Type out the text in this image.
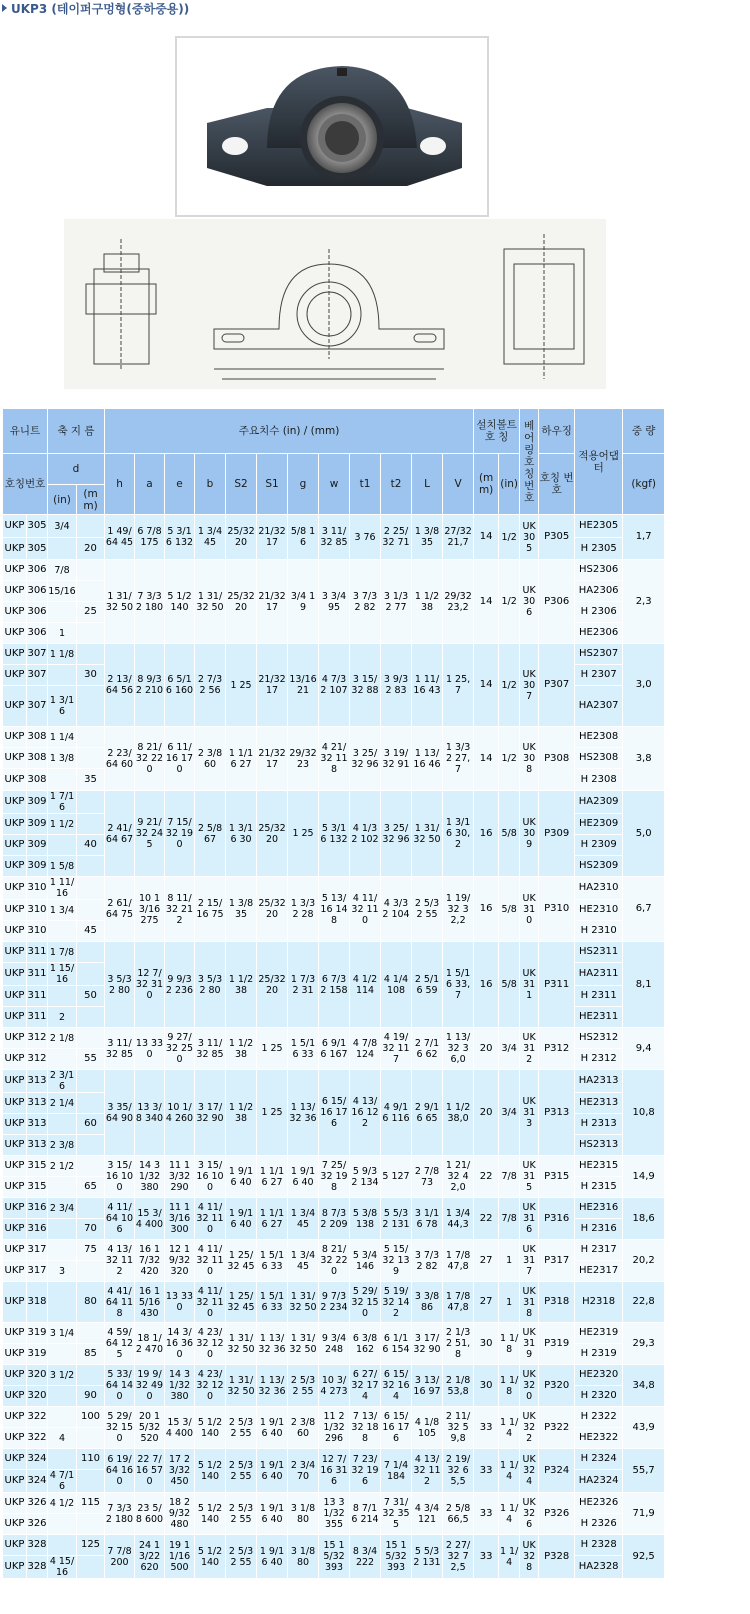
UKP3 (테이퍼구멍형(중하중용))
유니트		축 지 름		주요치수 (in) / (mm)												설치볼트 호 칭		베어링 호칭 번호	하우징	적용어댑터	중 량
호칭번호		d		h	a	e	b	S2	S1	g	w	t1	t2	L	V	(mm)	(in)		호칭 번호		(kgf)
		(in)	(mm)																		
UKP	305	3/4		1 49/64 45	6 7/8 175	5 3/16 132	1 3/4 45	25/32 20	21/32 17	5/8 16	3 11/32 85	3 76	2 25/32 71	1 3/8 35	27/32 21,7	14	1/2	UK 305	P305	HE2305	1,7
UKP	305		20																	H 2305	
UKP	306	7/8		1 31/32 50	7 3/32 180	5 1/2 140	1 31/32 50	25/32 20	21/32 17	3/4 19	3 3/4 95	3 7/32 82	3 1/32 77	1 1/2 38	29/32 23,2	14	1/2	UK 306	P306	HS2306	2,3
UKP	306	15/16																		HA2306	
UKP	306		25																	H 2306	
UKP	306	1																		HE2306	
UKP	307	1 1/8		2 13/64 56	8 9/32 210	6 5/16 160	2 7/32 56	1 25	21/32 17	13/16 21	4 7/32 107	3 15/32 88	3 9/32 83	1 11/16 43	1 25,7	14	1/2	UK 307	P307	HS2307	3,0
UKP	307		30																	H 2307	
UKP	307	1 3/16																		HA2307	
UKP	308	1 1/4		2 23/64 60	8 21/32 220	6 11/16 170	2 3/8 60	1 1/16 27	21/32 17	29/32 23	4 21/32 118	3 25/32 96	3 19/32 91	1 13/16 46	1 3/32 27,7	14	1/2	UK 308	P308	HE2308	3,8
UKP	308	1 3/8																		HS2308	
UKP	308		35																	H 2308	
UKP	309	1 7/16		2 41/64 67	9 21/32 245	7 15/32 190	2 5/8 67	1 3/16 30	25/32 20	1 25	5 3/16 132	4 1/32 102	3 25/32 96	1 31/32 50	1 3/16 30,2	16	5/8	UK 309	P309	HA2309	5,0
UKP	309	1 1/2																		HE2309	
UKP	309		40																	H 2309	
UKP	309	1 5/8																		HS2309	
UKP	310	1 11/16		2 61/64 75	10 13/16 275	8 11/32 212	2 15/16 75	1 3/8 35	25/32 20	1 3/32 28	5 13/16 148	4 11/32 110	4 3/32 104	2 5/32 55	1 19/32 32,2	16	5/8	UK 310	P310	HA2310	6,7
UKP	310	1 3/4																		HE2310	
UKP	310		45																	H 2310	
UKP	311	1 7/8		3 5/32 80	12 7/32 310	9 9/32 236	3 5/32 80	1 1/2 38	25/32 20	1 7/32 31	6 7/32 158	4 1/2 114	4 1/4 108	2 5/16 59	1 5/16 33,7	16	5/8	UK 311	P311	HS2311	8,1
UKP	311	1 15/16																		HA2311	
UKP	311		50																	H 2311	
UKP	311	2																		HE2311	
UKP	312	2 1/8		3 11/32 85	13 330	9 27/32 250	3 11/32 85	1 1/2 38	1 25	1 5/16 33	6 9/16 167	4 7/8 124	4 19/32 117	2 7/16 62	1 13/32 36,0	20	3/4	UK 312	P312	HS2312	9,4
UKP	312		55																	H 2312	
UKP	313	2 3/16		3 35/64 90	13 3/8 340	10 1/4 260	3 17/32 90	1 1/2 38	1 25	1 13/32 36	6 15/16 176	4 13/16 122	4 9/16 116	2 9/16 65	1 1/2 38,0	20	3/4	UK 313	P313	HA2313	10,8
UKP	313	2 1/4																		HE2313	
UKP	313		60																	H 2313	
UKP	313	2 3/8																		HS2313	
UKP	315	2 1/2		3 15/16 100	14 31/32 380	11 13/32 290	3 15/16 100	1 9/16 40	1 1/16 27	1 9/16 40	7 25/32 198	5 9/32 134	5 127	2 7/8 73	1 21/32 42,0	22	7/8	UK 315	P315	HE2315	14,9
UKP	315		65																	H 2315	
UKP	316	2 3/4		4 11/64 106	15 3/4 400	11 13/16 300	4 11/32 110	1 9/16 40	1 1/16 27	1 3/4 45	8 7/32 209	5 3/8 138	5 5/32 131	3 1/16 78	1 3/4 44,3	22	7/8	UK 316	P316	HE2316	18,6
UKP	316		70																	H 2316	
UKP	317		75	4 13/32 112	16 17/32 420	12 19/32 320	4 11/32 110	1 25/32 45	1 5/16 33	1 3/4 45	8 21/32 220	5 3/4 146	5 15/32 139	3 7/32 82	1 7/8 47,8	27	1	UK 317	P317	H 2317	20,2
UKP	317	3																		HE2317	
UKP	318		80	4 41/64 118	16 15/16 430	13 330	4 11/32 110	1 25/32 45	1 5/16 33	1 31/32 50	9 7/32 234	5 29/32 150	5 19/32 142	3 3/8 86	1 7/8 47,8	27	1	UK 318	P318	H2318	22,8
UKP	319	3 1/4		4 59/64 125	18 1/2 470	14 3/16 360	4 23/32 120	1 31/32 50	1 13/32 36	1 31/32 50	9 3/4 248	6 3/8 162	6 1/16 154	3 17/32 90	2 1/32 51,8	30	1 1/8	UK 319	P319	HE2319	29,3
UKP	319		85																	H 2319	
UKP	320	3 1/2		5 33/64 140	19 9/32 490	14 31/32 380	4 23/32 120	1 31/32 50	1 13/32 36	2 5/32 55	10 3/4 273	6 27/32 174	6 15/32 164	3 13/16 97	2 1/8 53,8	30	1 1/8	UK 320	P320	HE2320	34,8
UKP	320		90																	H 2320	
UKP	322		100	5 29/32 150	20 15/32 520	15 3/4 400	5 1/2 140	2 5/32 55	1 9/16 40	2 3/8 60	11 21/32 296	7 13/32 188	6 15/16 176	4 1/8 105	2 11/32 59,8	33	1 1/4	UK 322	P322	H 2322	43,9
UKP	322	4																		HE2322	
UKP	324		110	6 19/64 160	22 7/16 570	17 23/32 450	5 1/2 140	2 5/32 55	1 9/16 40	2 3/4 70	12 7/16 316	7 23/32 196	7 1/4 184	4 13/32 112	2 19/32 65,5	33	1 1/4	UK 324	P324	H 2324	55,7
UKP	324	4 7/16																		HA2324	
UKP	326	4 1/2	115	7 3/32 180	23 5/8 600	18 29/32 480	5 1/2 140	2 5/32 55	1 9/16 40	3 1/8 80	13 31/32 355	8 7/16 214	7 31/32 355	4 3/4 121	2 5/8 66,5	33	1 1/4	UK 326	P326	HE2326	71,9
UKP	326																			H 2326	
UKP	328		125	7 7/8 200	24 13/22 620	19 11/16 500	5 1/2 140	2 5/32 55	1 9/16 40	3 1/8 80	15 15/32 393	8 3/4 222	15 15/32 393	5 5/32 131	2 27/32 72,5	33	1 1/4	UK 328	P328	H 2328	92,5
UKP	328	4 15/16																		HA2328	
